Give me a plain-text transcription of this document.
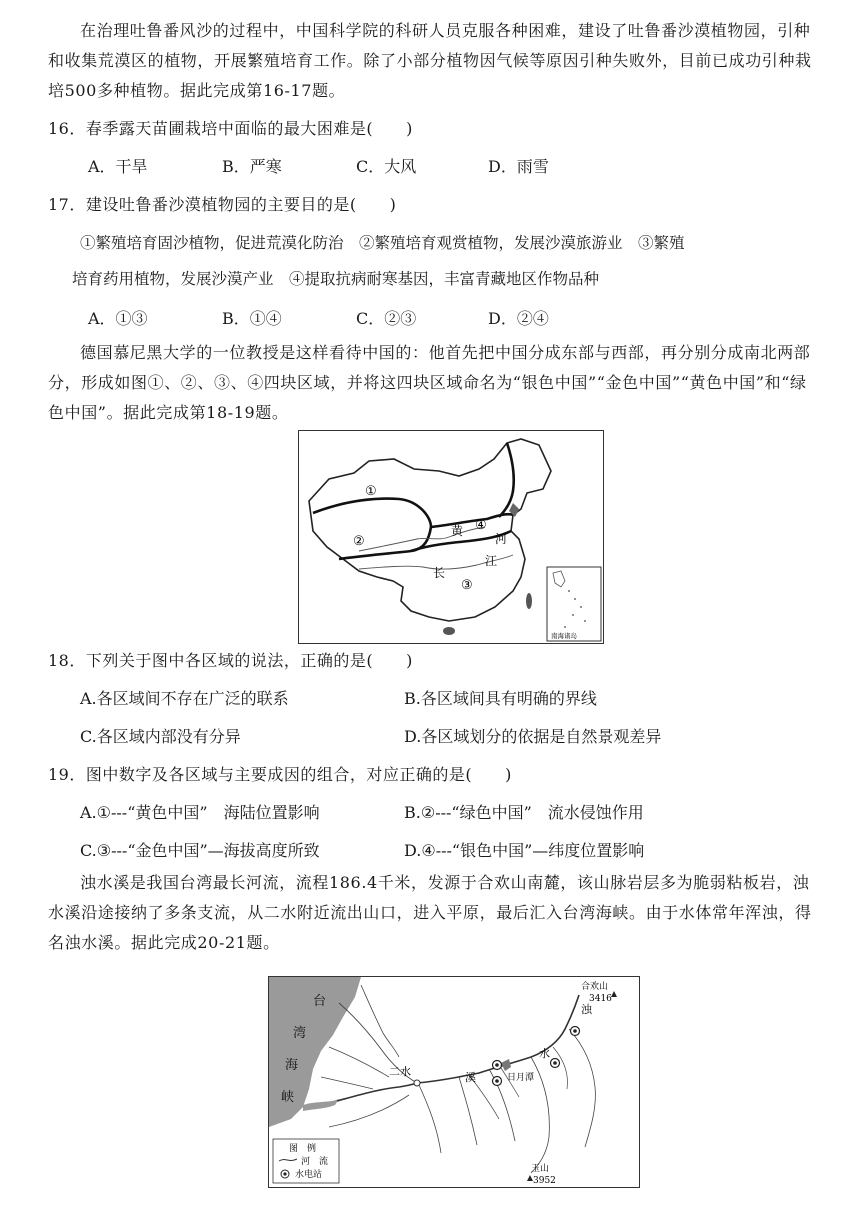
在治理吐鲁番风沙的过程中，中国科学院的科研人员克服各种困难，建设了吐鲁番沙漠植物园，引种和收集荒漠区的植物，开展繁殖培育工作。除了小部分植物因气候等原因引种失败外，目前已成功引种栽培500多种植物。据此完成第16-17题。
16．春季露天苗圃栽培中面临的最大困难是(　　)
A．干旱	B．严寒	C．大风	D．雨雪
17．建设吐鲁番沙漠植物园的主要目的是(　　)
①繁殖培育固沙植物，促进荒漠化防治　②繁殖培育观赏植物，发展沙漠旅游业　③繁殖
培育药用植物，发展沙漠产业　④提取抗病耐寒基因，丰富青藏地区作物品种
A．①③	B．①④	C．②③	D．②④
德国慕尼黑大学的一位教授是这样看待中国的：他首先把中国分成东部与西部，再分别分成南北两部分，形成如图①、②、③、④四块区域，并将这四块区域命名为“银色中国”“金色中国”“黄色中国”和“绿色中国”。据此完成第18-19题。
①
②
③
④
黄
河
长
江
南海诸岛
18．下列关于图中各区域的说法，正确的是(　　)
A.各区域间不存在广泛的联系	B.各区域间具有明确的界线
C.各区域内部没有分异	D.各区域划分的依据是自然景观差异
19．图中数字及各区域与主要成因的组合，对应正确的是(　　)
A.①---“黄色中国”　海陆位置影响	B.②---“绿色中国”　流水侵蚀作用
C.③---“金色中国”—海拔高度所致	D.④---“银色中国”—纬度位置影响
浊水溪是我国台湾最长河流，流程186.4千米，发源于合欢山南麓，该山脉岩层多为脆弱粘板岩，浊水溪沿途接纳了多条支流，从二水附近流出山口，进入平原，最后汇入台湾海峡。由于水体常年浑浊，得名浊水溪。据此完成20-21题。
台
湾
海
峡
二水
浊
水
溪	日月潭
合欢山
3416
玉山
3952
图　例
河　流
水电站
